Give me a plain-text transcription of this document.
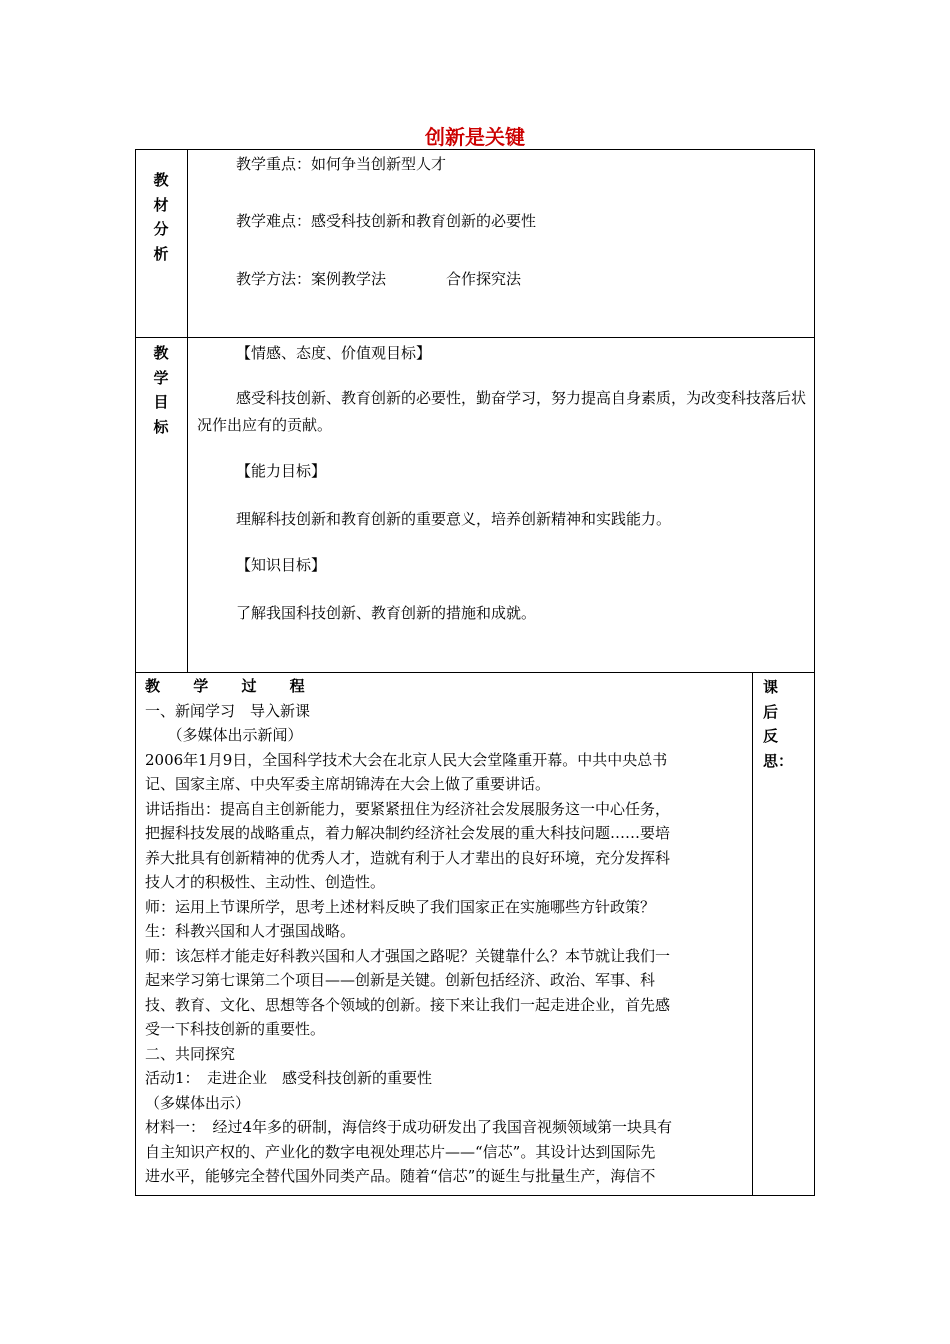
创新是关键
教
材
分
析
教学重点：如何争当创新型人才
教学难点：感受科技创新和教育创新的必要性
教学方法：案例教学法	合作探究法
教
学
目
标
【情感、态度、价值观目标】
感受科技创新、教育创新的必要性，勤奋学习，努力提高自身素质，为改变科技落后状况作出应有的贡献。
【能力目标】
理解科技创新和教育创新的重要意义，培养创新精神和实践能力。
【知识目标】
了解我国科技创新、教育创新的措施和成就。
教 学 过 程
一、新闻学习　导入新课
　　（多媒体出示新闻）
2006年1月9日，全国科学技术大会在北京人民大会堂隆重开幕。中共中央总书
记、国家主席、中央军委主席胡锦涛在大会上做了重要讲话。
讲话指出：提高自主创新能力，要紧紧扭住为经济社会发展服务这一中心任务，
把握科技发展的战略重点，着力解决制约经济社会发展的重大科技问题……要培
养大批具有创新精神的优秀人才，造就有利于人才辈出的良好环境，充分发挥科
技人才的积极性、主动性、创造性。
师：运用上节课所学，思考上述材料反映了我们国家正在实施哪些方针政策？
生：科教兴国和人才强国战略。
师：该怎样才能走好科教兴国和人才强国之路呢？关键靠什么？本节就让我们一
起来学习第七课第二个项目——创新是关键。创新包括经济、政治、军事、科
技、教育、文化、思想等各个领域的创新。接下来让我们一起走进企业，首先感
受一下科技创新的重要性。
二、共同探究
活动1：　走进企业　感受科技创新的重要性
（多媒体出示）
材料一：　经过4年多的研制，海信终于成功研发出了我国音视频领域第一块具有
自主知识产权的、产业化的数字电视处理芯片——“信芯”。其设计达到国际先
进水平，能够完全替代国外同类产品。随着“信芯”的诞生与批量生产，海信不
课
后
反
思：
